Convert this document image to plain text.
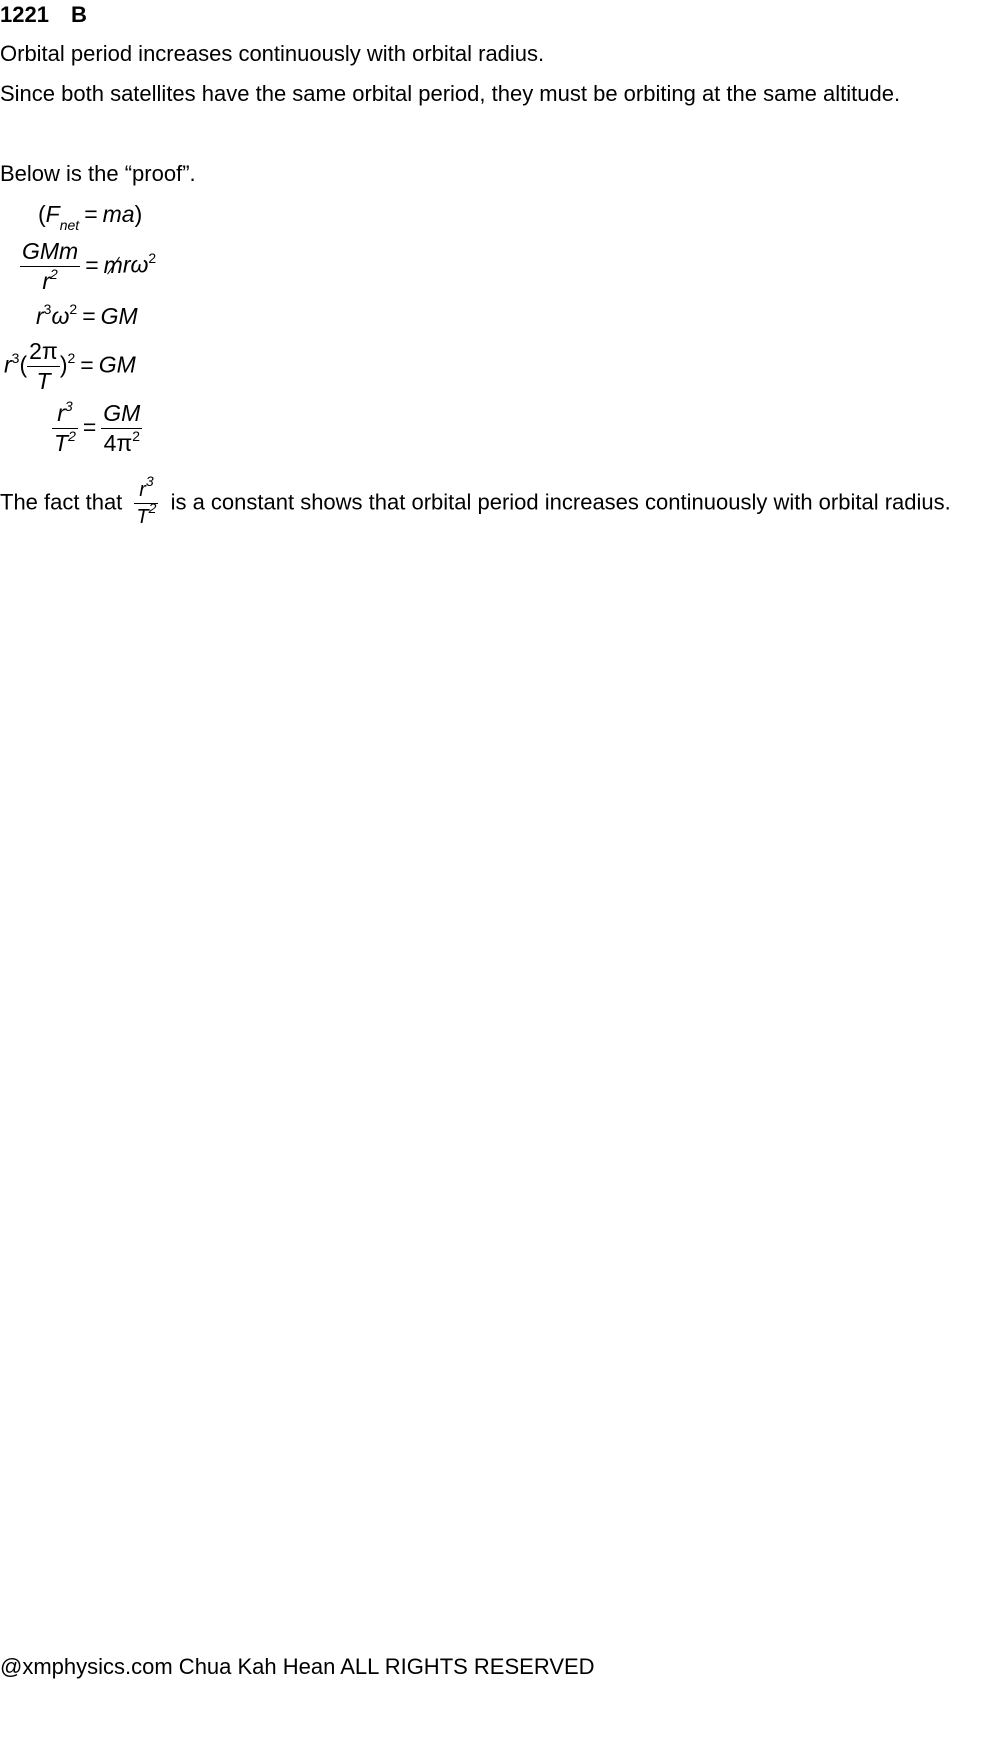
1221 B
Orbital period increases continuously with orbital radius.
Since both satellites have the same orbital period, they must be orbiting at the same altitude.
Below is the “proof”.
$(F_{net} = ma)$
$\frac{\text{GMm}}{r^2} = mr\omega^2$
$r^3\omega^2$ = GM
$r^3( \frac{2\pi}{T} )^2$ = GM
$\frac{r^3}{T^2} = \frac{GM}{4\pi^2}$
The fact that $\frac{r^3}{T^2}$ is a constant shows that orbital period increases continuously with orbital radius.
@xmphysics.com Chua Kah Hean ALL RIGHTS RESERVED
